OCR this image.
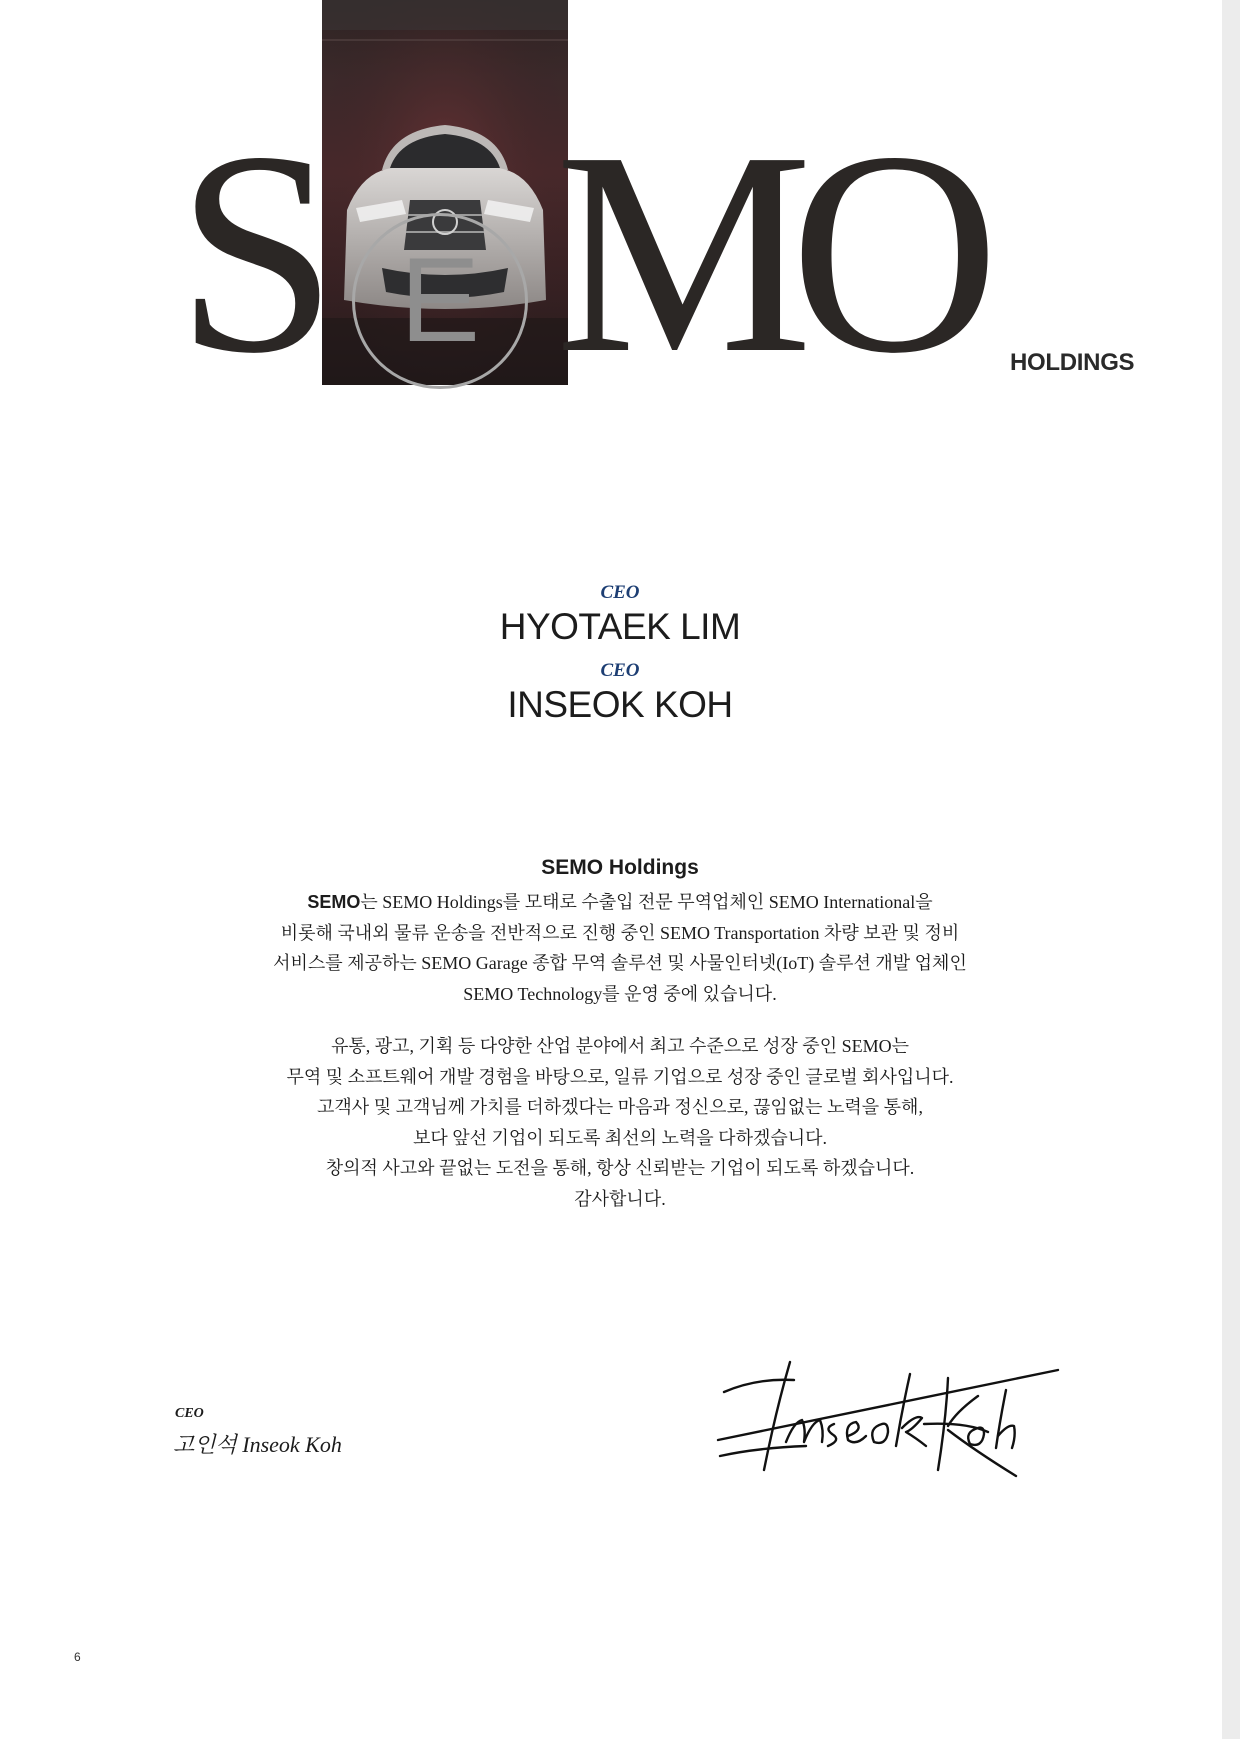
S M
O
E	HOLDINGS
CEO
HYOTAEK LIM
CEO
INSEOK KOH
SEMO Holdings
SEMO는 SEMO Holdings를 모태로 수출입 전문 무역업체인 SEMO International을
비롯해 국내외 물류 운송을 전반적으로 진행 중인 SEMO Transportation 차량 보관 및 정비
서비스를 제공하는 SEMO Garage 종합 무역 솔루션 및 사물인터넷(IoT) 솔루션 개발 업체인
SEMO Technology를 운영 중에 있습니다.
유통, 광고, 기획 등 다양한 산업 분야에서 최고 수준으로 성장 중인 SEMO는
무역 및 소프트웨어 개발 경험을 바탕으로, 일류 기업으로 성장 중인 글로벌 회사입니다.
고객사 및 고객님께 가치를 더하겠다는 마음과 정신으로, 끊임없는 노력을 통해,
보다 앞선 기업이 되도록 최선의 노력을 다하겠습니다.
창의적 사고와 끝없는 도전을 통해, 항상 신뢰받는 기업이 되도록 하겠습니다.
감사합니다.
CEO
고인석 Inseok Koh
6
